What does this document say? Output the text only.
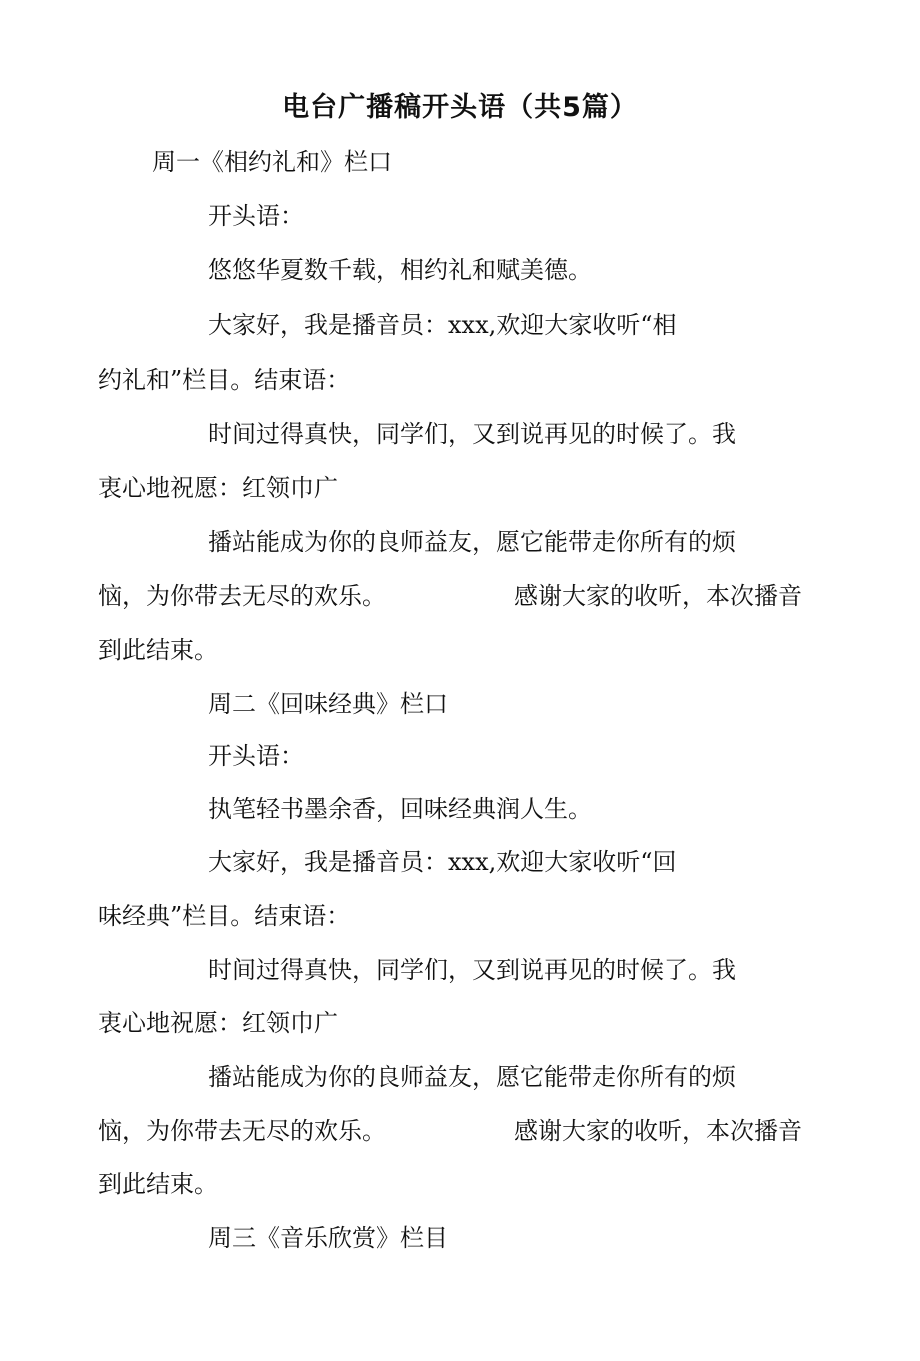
电台广播稿开头语（共5篇）

周一《相约礼和》栏口

开头语：

悠悠华夏数千载，相约礼和赋美德。

大家好，我是播音员：xxx,欢迎大家收听“相

约礼和”栏目。结束语：

时间过得真快，同学们，又到说再见的时候了。我

衷心地祝愿：红领巾广

播站能成为你的良师益友，愿它能带走你所有的烦

恼，为你带去无尽的欢乐。	感谢大家的收听，本次播音

到此结束。

周二《回味经典》栏口

开头语：

执笔轻书墨余香，回味经典润人生。

大家好，我是播音员：xxx,欢迎大家收听“回

味经典”栏目。结束语：

时间过得真快，同学们，又到说再见的时候了。我

衷心地祝愿：红领巾广

播站能成为你的良师益友，愿它能带走你所有的烦

恼，为你带去无尽的欢乐。	感谢大家的收听，本次播音

到此结束。

周三《音乐欣赏》栏目
